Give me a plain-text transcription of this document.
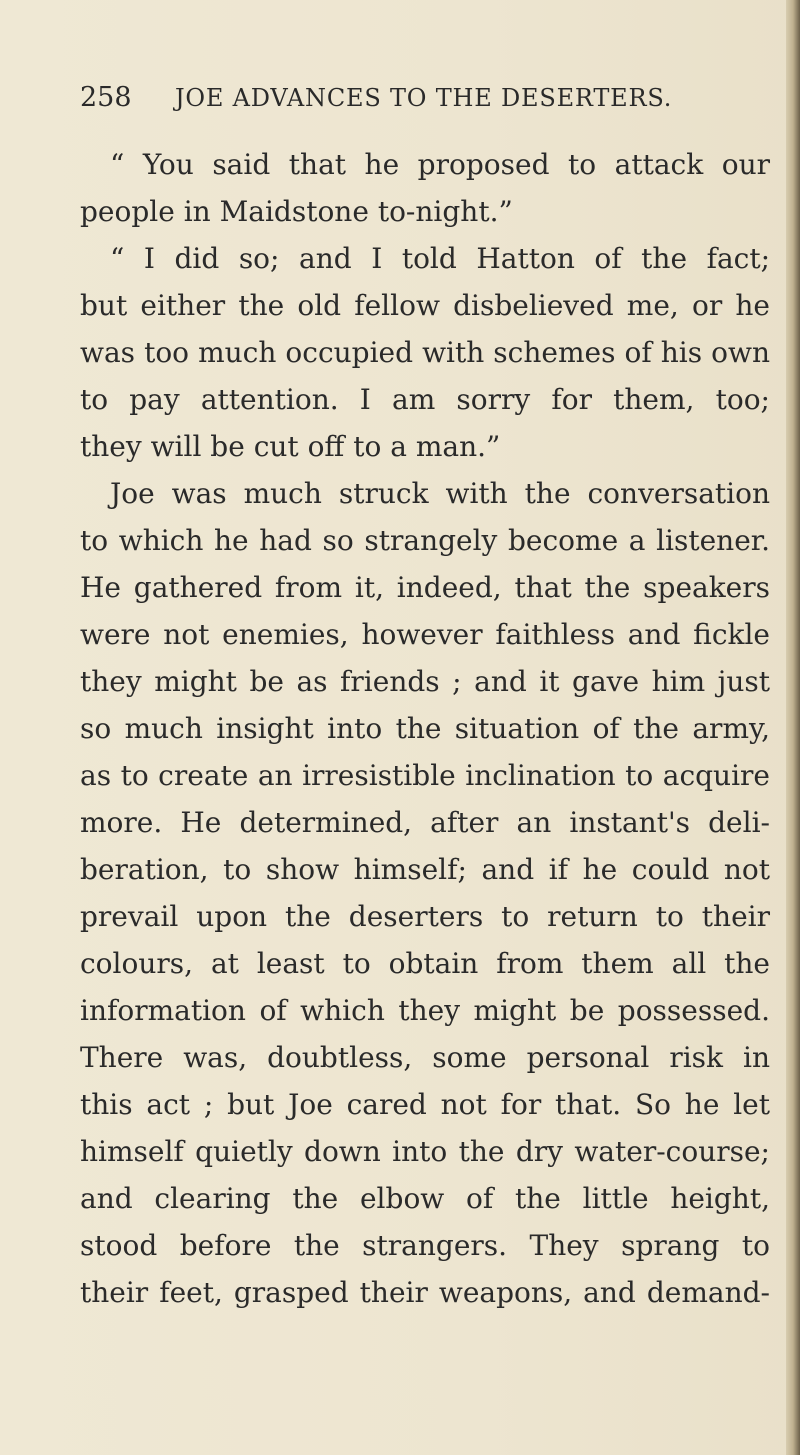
258 JOE ADVANCES TO THE DESERTERS.
“ You said that he proposed to attack our
people in Maidstone to-night.”
“ I did so; and I told Hatton of the fact;
but either the old fellow disbelieved me, or he
was too much occupied with schemes of his own
to pay attention. I am sorry for them, too;
they will be cut off to a man.”
Joe was much struck with the conversation
to which he had so strangely become a listener.
He gathered from it, indeed, that the speakers
were not enemies, however faithless and fickle
they might be as friends ; and it gave him just
so much insight into the situation of the army,
as to create an irresistible inclination to acquire
more. He determined, after an instant's deli-
beration, to show himself; and if he could not
prevail upon the deserters to return to their
colours, at least to obtain from them all the
information of which they might be possessed.
There was, doubtless, some personal risk in
this act ; but Joe cared not for that. So he let
himself quietly down into the dry water-course;
and clearing the elbow of the little height,
stood before the strangers. They sprang to
their feet, grasped their weapons, and demand-
